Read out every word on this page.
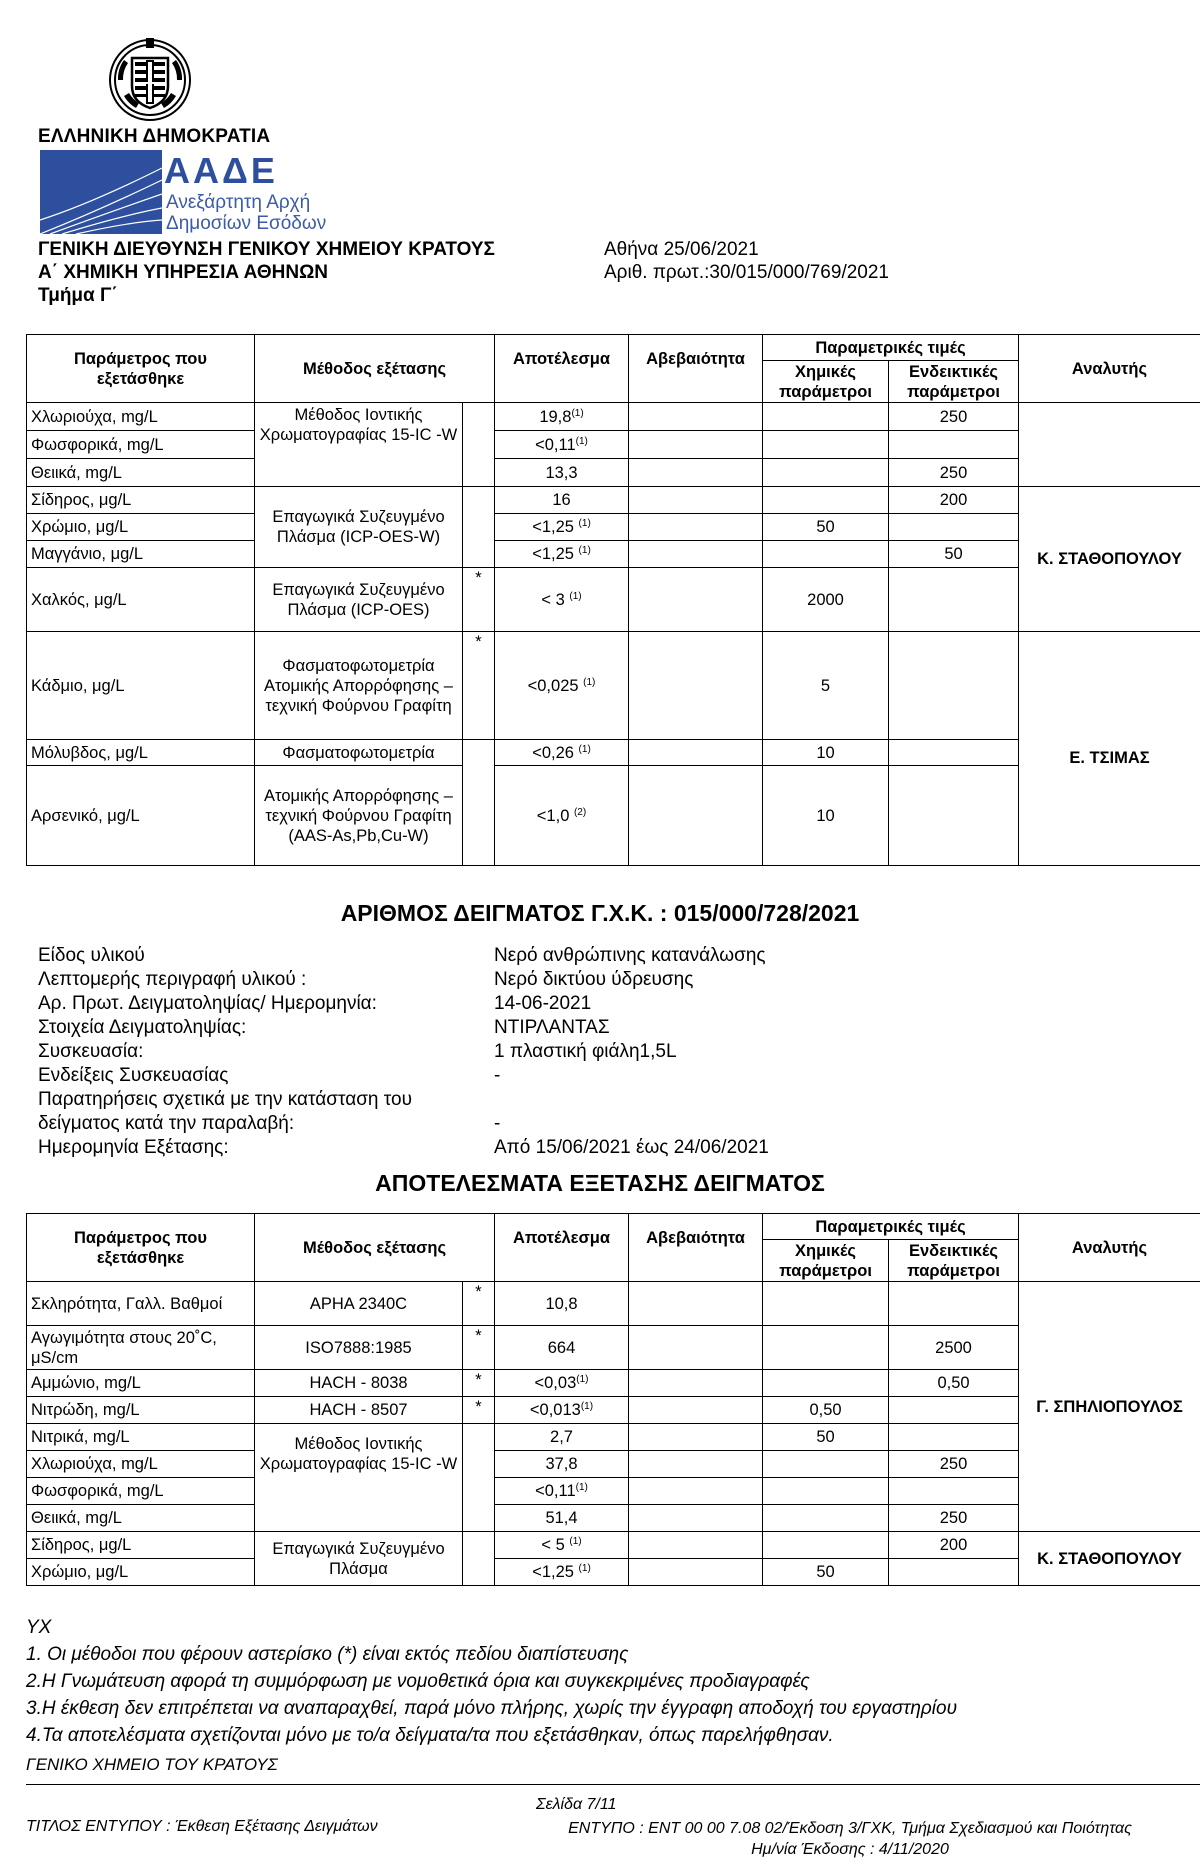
ΕΛΛΗΝΙΚΗ ΔΗΜΟΚΡΑΤΙΑ
ΑΑΔΕ
Ανεξάρτητη Αρχή
Δημοσίων Εσόδων
ΓΕΝΙΚΗ ΔΙΕΥΘΥΝΣΗ ΓΕΝΙΚΟΥ ΧΗΜΕΙΟΥ ΚΡΑΤΟΥΣ
Α΄ ΧΗΜΙΚΗ ΥΠΗΡΕΣΙΑ ΑΘΗΝΩΝ
Τμήμα Γ΄
Αθήνα 25/06/2021
Αριθ. πρωτ.:30/015/000/769/2021
Παράμετρος που εξετάσθηκε	Μέθοδος εξέτασης		Αποτέλεσμα	Αβεβαιότητα	Παραμετρικές τιμές		Αναλυτής
					Χημικές παράμετροι	Ενδεικτικές παράμετροι	
Χλωριούχα, mg/L	Μέθοδος Ιοντικής Χρωματογραφίας 15-IC -W		19,8$^{(1)}$			250	
Φωσφορικά, mg/L			$<0,11^{(1)}$			
Θειικά, mg/L			13,3			250	
Σίδηρος, μg/L	Επαγωγικά Συζευγμένο Πλάσμα (ICP-OES-W)		16			200	Κ. ΣΤΑΘΟΠΟΥΛΟΥ
Χρώμιο, μg/L			<1,25 $^{(1)}$		50		
Μαγγάνιο, μg/L			<1,25 $^{(1)}$			50	
Χαλκός, μg/L	Επαγωγικά Συζευγμένο Πλάσμα (ICP-OES)	*	< 3 $^{(1)}$		2000		
Κάδμιο, μg/L	Φασματοφωτομετρία Ατομικής Απορρόφησης – τεχνική Φούρνου Γραφίτη	*	<0,025 $^{(1)}$		5		Ε. ΤΣΙΜΑΣ
Μόλυβδος, μg/L	Φασματοφωτομετρία		<0,26 $^{(1)}$		10		
Αρσενικό, μg/L	Ατομικής Απορρόφησης – τεχνική Φούρνου Γραφίτη (AAS-As,Pb,Cu-W)		<1,0 $^{(2)}$		10		
ΑΡΙΘΜΟΣ ΔΕΙΓΜΑΤΟΣ Γ.Χ.Κ. : 015/000/728/2021
Είδος υλικού	Νερό ανθρώπινης κατανάλωσης
Λεπτομερής περιγραφή υλικού :	Νερό δικτύου ύδρευσης
Αρ. Πρωτ. Δειγματοληψίας/ Ημερομηνία:	14-06-2021
Στοιχεία Δειγματοληψίας:	ΝΤΙΡΛΑΝΤΑΣ
Συσκευασία:	1 πλαστική φιάλη1,5L
Ενδείξεις Συσκευασίας	-
Παρατηρήσεις σχετικά με την κατάσταση του
δείγματος κατά την παραλαβή:	-
Ημερομηνία Εξέτασης:	Από 15/06/2021 έως 24/06/2021
ΑΠΟΤΕΛΕΣΜΑΤΑ ΕΞΕΤΑΣΗΣ ΔΕΙΓΜΑΤΟΣ
Παράμετρος που εξετάσθηκε	Μέθοδος εξέτασης		Αποτέλεσμα	Αβεβαιότητα	Παραμετρικές τιμές		Αναλυτής
					Χημικές παράμετροι	Ενδεικτικές παράμετροι	
Σκληρότητα, Γαλλ. Βαθμοί	APHA 2340C	*	10,8				Γ. ΣΠΗΛΙΟΠΟΥΛΟΣ
Αγωγιμότητα στους 20˚C, μS/cm	ISO7888:1985	*	664			2500	
Αμμώνιο, mg/L	HACH - 8038	*	$<0,03^{(1)}$			0,50	
Νιτρώδη, mg/L	HACH - 8507	*	$<0,013^{(1)}$		0,50		
Νιτρικά, mg/L	Μέθοδος Ιοντικής Χρωματογραφίας 15-IC -W		2,7		50		
Χλωριούχα, mg/L			37,8			250	
Φωσφορικά, mg/L			$<0,11^{(1)}$			
Θειικά, mg/L			51,4			250	
Σίδηρος, μg/L	Επαγωγικά Συζευγμένο Πλάσμα		< 5 $^{(1)}$			200	Κ. ΣΤΑΘΟΠΟΥΛΟΥ
Χρώμιο, μg/L			<1,25 $^{(1)}$		50		
ΥΧ
1. Οι μέθοδοι που φέρουν αστερίσκο (*) είναι εκτός πεδίου διαπίστευσης
2.Η Γνωμάτευση αφορά τη συμμόρφωση με νομοθετικά όρια και συγκεκριμένες προδιαγραφές
3.Η έκθεση δεν επιτρέπεται να αναπαραχθεί, παρά μόνο πλήρης, χωρίς την έγγραφη αποδοχή του εργαστηρίου
4.Τα αποτελέσματα σχετίζονται μόνο με το/α δείγματα/τα που εξετάσθηκαν, όπως παρελήφθησαν.
ΓΕΝΙΚΟ ΧΗΜΕΙΟ ΤΟΥ ΚΡΑΤΟΥΣ
Σελίδα 7/11
ΤΙΤΛΟΣ ΕΝΤΥΠΟΥ : Έκθεση Εξέτασης Δειγμάτων	ΕΝΤΥΠΟ : ΕΝΤ 00 00 7.08 02/Έκδοση 3/ΓΧΚ, Τμήμα Σχεδιασμού και Ποιότητας
Ημ/νία Έκδοσης : 4/11/2020
